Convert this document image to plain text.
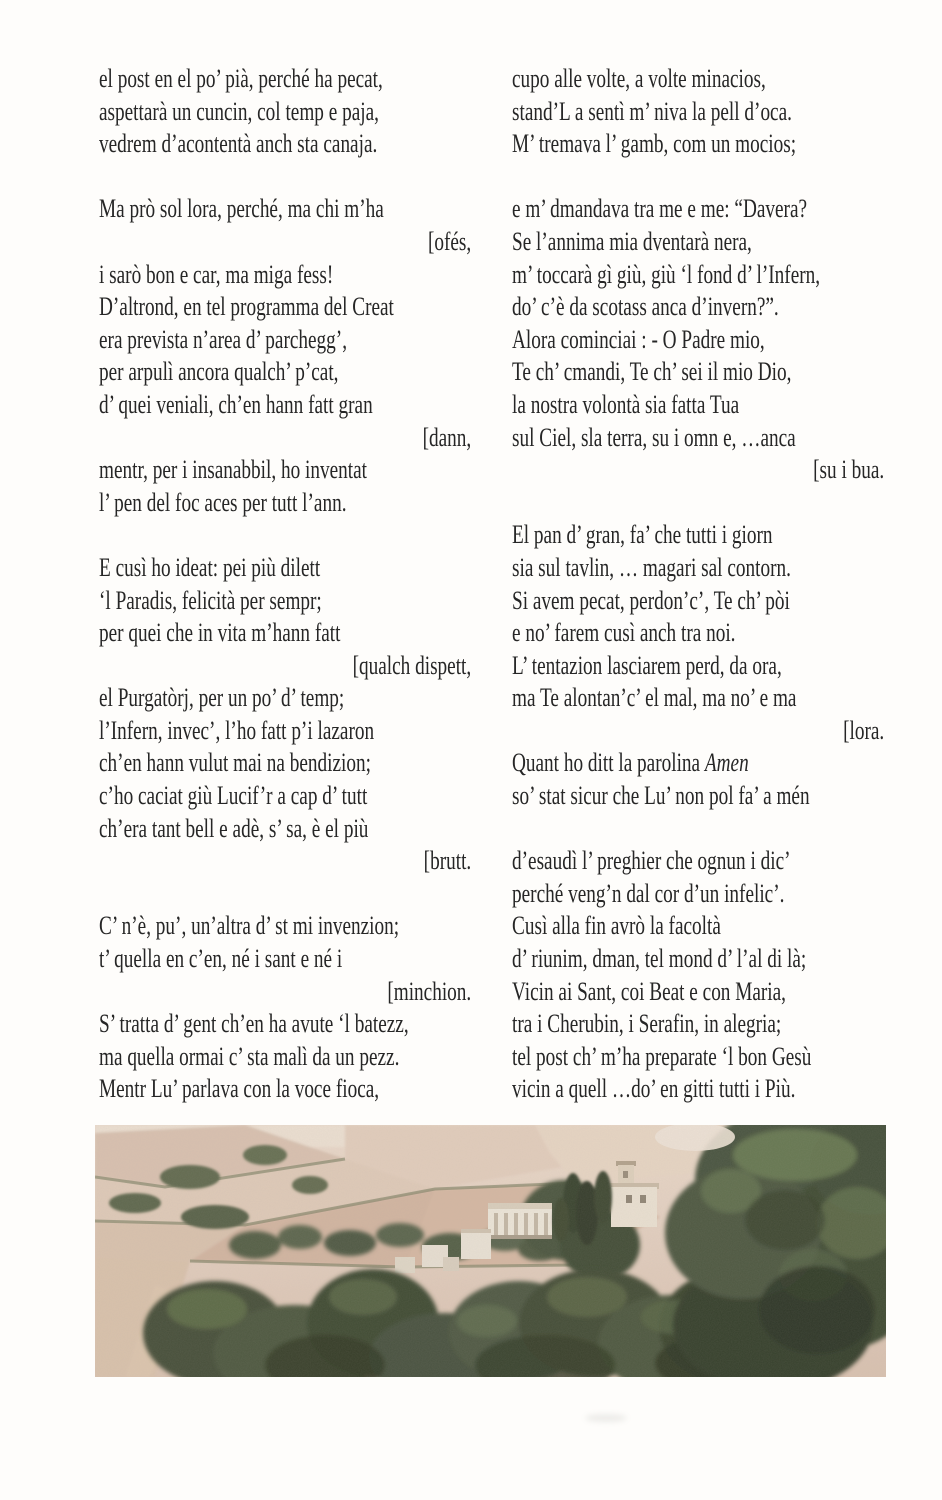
el post en el po’ pià, perché ha pecat,
aspettarà un cuncin, col temp e paja,
vedrem d’acontentà anch sta canaja.
Ma prò sol lora, perché, ma chi m’ha
[ofés,
i sarò bon e car, ma miga fess!
D’altrond, en tel programma del Creat
era prevista n’area d’ parchegg’,
per arpulì ancora qualch’ p’cat,
d’ quei veniali, ch’en hann fatt gran
[dann,
mentr, per i insanabbil, ho inventat
l’ pen del foc aces per tutt l’ann.
E cusì ho ideat: pei più dilett
‘l Paradis, felicità per sempr;
per quei che in vita m’hann fatt
[qualch dispett,
el Purgatòrj, per un po’ d’ temp;
l’Infern, invec’, l’ho fatt p’i lazaron
ch’en hann vulut mai na bendizion;
c’ho caciat giù Lucif’r a cap d’ tutt
ch’era tant bell e adè, s’ sa, è el più
[brutt.
C’ n’è, pu’, un’altra d’ st mi invenzion;
t’ quella en c’en, né i sant e né i
[minchion.
S’ tratta d’ gent ch’en ha avute ‘l batezz,
ma quella ormai c’ sta malì da un pezz.
Mentr Lu’ parlava con la voce fioca,
cupo alle volte, a volte minacios,
stand’L a sentì m’ niva la pell d’oca.
M’ tremava l’ gamb, com un mocios;
e m’ dmandava tra me e me: “Davera?
Se l’annima mia dventarà nera,
m’ toccarà gì giù, giù ‘l fond d’ l’Infern,
do’ c’è da scotass anca d’invern?”.
Alora cominciai : - O Padre mio,
Te ch’ cmandi, Te ch’ sei il mio Dio,
la nostra volontà sia fatta Tua
sul Ciel, sla terra, su i omn e, …anca
[su i bua.
El pan d’ gran, fa’ che tutti i giorn
sia sul tavlin, … magari sal contorn.
Si avem pecat, perdon’c’, Te ch’ pòi
e no’ farem cusì anch tra noi.
L’ tentazion lasciarem perd, da ora,
ma Te alontan’c’ el mal, ma no’ e ma
[lora.
Quant ho ditt la parolina Amen
so’ stat sicur che Lu’ non pol fa’ a mén
d’esaudì l’ preghier che ognun i dic’
perché veng’n dal cor d’un infelic’.
Cusì alla fin avrò la facoltà
d’ riunim, dman, tel mond d’ l’al di là;
Vicin ai Sant, coi Beat e con Maria,
tra i Cherubin, i Serafin, in alegria;
tel post ch’ m’ha preparate ‘l bon Gesù
vicin a quell …do’ en gitti tutti i Più.
